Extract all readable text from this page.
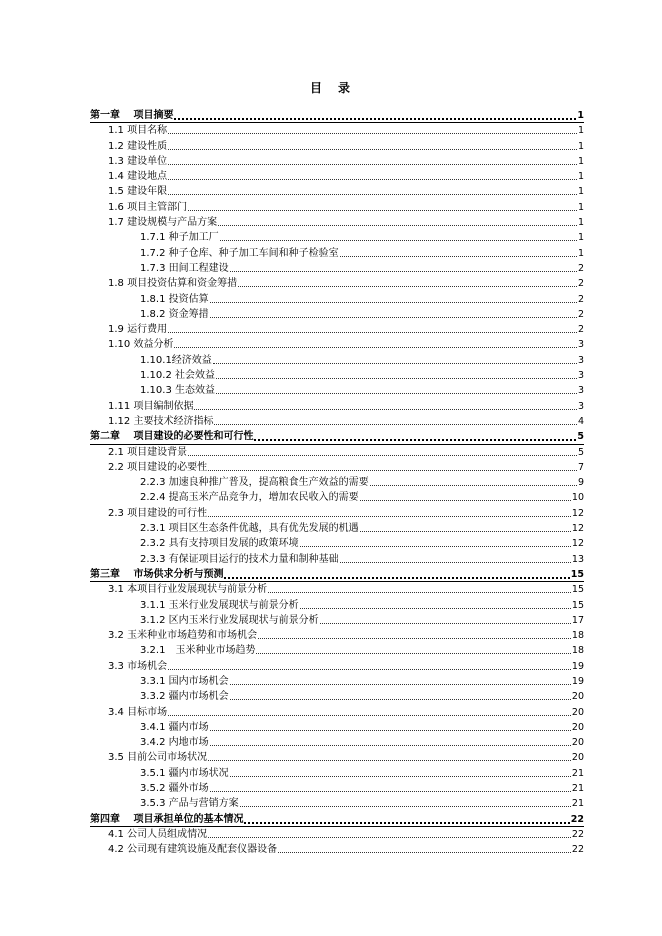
目　录
第一章　 项目摘要	1
1.1 项目名称	1
1.2 建设性质	1
1.3 建设单位	1
1.4 建设地点	1
1.5 建设年限	1
1.6 项目主管部门	1
1.7 建设规模与产品方案	1
1.7.1 种子加工厂	1
1.7.2 种子仓库、种子加工车间和种子检验室	1
1.7.3 田间工程建设	2
1.8 项目投资估算和资金筹措	2
1.8.1 投资估算	2
1.8.2 资金筹措	2
1.9 运行费用	2
1.10 效益分析	3
1.10.1经济效益	3
1.10.2 社会效益	3
1.10.3 生态效益	3
1.11 项目编制依据	3
1.12 主要技术经济指标	4
第二章　 项目建设的必要性和可行性	5
2.1 项目建设背景	5
2.2 项目建设的必要性	7
2.2.3 加速良种推广普及，提高粮食生产效益的需要	9
2.2.4 提高玉米产品竞争力，增加农民收入的需要	10
2.3 项目建设的可行性	12
2.3.1 项目区生态条件优越，具有优先发展的机遇	12
2.3.2 具有支持项目发展的政策环境	12
2.3.3 有保证项目运行的技术力量和制种基础	13
第三章　 市场供求分析与预测	15
3.1 本项目行业发展现状与前景分析	15
3.1.1 玉米行业发展现状与前景分析	15
3.1.2 区内玉米行业发展现状与前景分析	17
3.2 玉米种业市场趋势和市场机会	18
3.2.1　玉米种业市场趋势	18
3.3 市场机会	19
3.3.1 国内市场机会	19
3.3.2 疆内市场机会	20
3.4 目标市场	20
3.4.1 疆内市场	20
3.4.2 内地市场	20
3.5 目前公司市场状况	20
3.5.1 疆内市场状况	21
3.5.2 疆外市场	21
3.5.3 产品与营销方案	21
第四章　 项目承担单位的基本情况	22
4.1 公司人员组成情况	22
4.2 公司现有建筑设施及配套仪器设备	22
